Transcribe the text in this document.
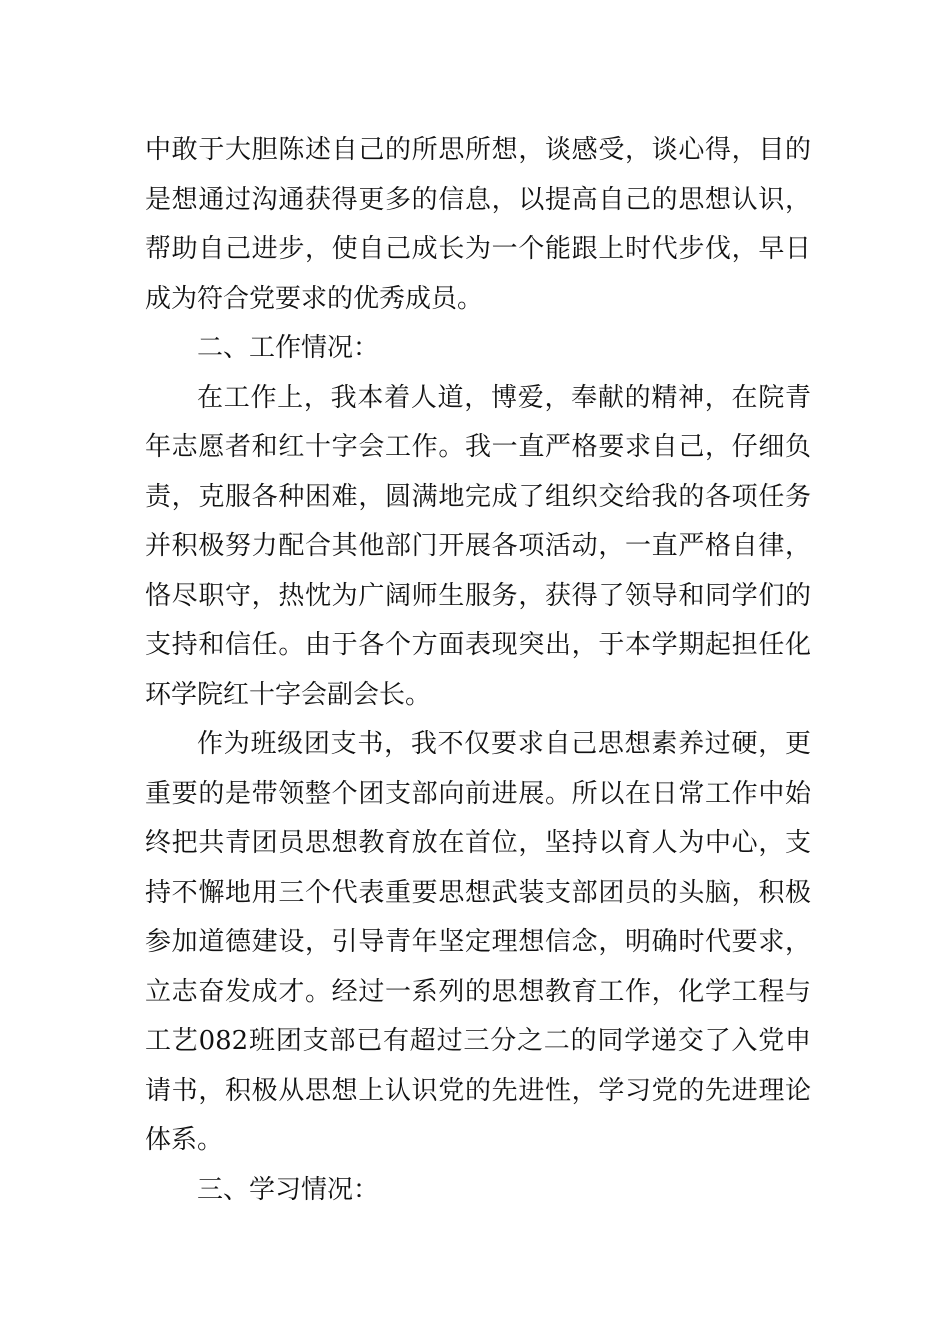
中敢于大胆陈述自己的所思所想，谈感受，谈心得，目的是想通过沟通获得更多的信息，以提高自己的思想认识，帮助自己进步，使自己成长为一个能跟上时代步伐，早日成为符合党要求的优秀成员。

二、工作情况：

在工作上，我本着人道，博爱，奉献的精神，在院青年志愿者和红十字会工作。我一直严格要求自己，仔细负责，克服各种困难，圆满地完成了组织交给我的各项任务并积极努力配合其他部门开展各项活动，一直严格自律，恪尽职守，热忱为广阔师生服务，获得了领导和同学们的支持和信任。由于各个方面表现突出，于本学期起担任化环学院红十字会副会长。

作为班级团支书，我不仅要求自己思想素养过硬，更重要的是带领整个团支部向前进展。所以在日常工作中始终把共青团员思想教育放在首位，坚持以育人为中心，支持不懈地用三个代表重要思想武装支部团员的头脑，积极参加道德建设，引导青年坚定理想信念，明确时代要求，立志奋发成才。经过一系列的思想教育工作，化学工程与工艺082班团支部已有超过三分之二的同学递交了入党申请书，积极从思想上认识党的先进性，学习党的先进理论体系。

三、学习情况：
